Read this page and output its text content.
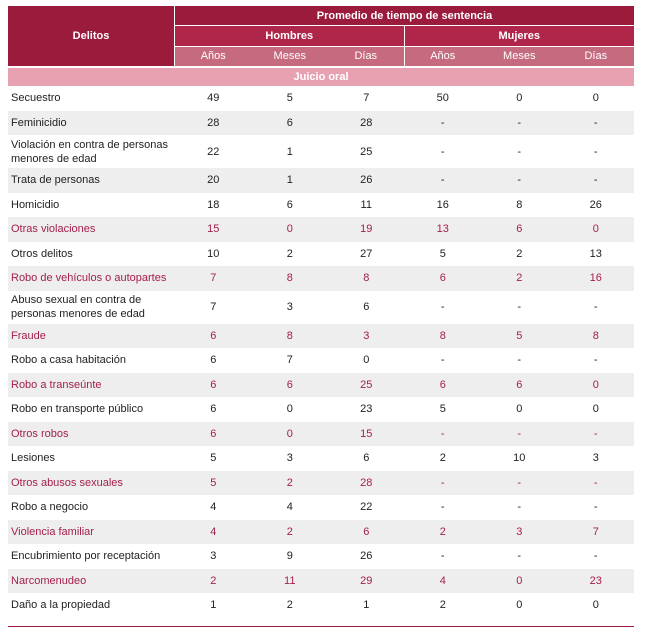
Delitos	Promedio de tiempo de sentencia					
	Hombres			Mujeres		
	Años	Meses	Días	Años	Meses	Días
Juicio oral						
Secuestro	49	5	7	50	0	0
Feminicidio	28	6	28	-	-	-
Violación en contra de personas menores de edad	22	1	25	-	-	-
Trata de personas	20	1	26	-	-	-
Homicidio	18	6	11	16	8	26
Otras violaciones	15	0	19	13	6	0
Otros delitos	10	2	27	5	2	13
Robo de vehículos o autopartes	7	8	8	6	2	16
Abuso sexual en contra de personas menores de edad	7	3	6	-	-	-
Fraude	6	8	3	8	5	8
Robo a casa habitación	6	7	0	-	-	-
Robo a transeúnte	6	6	25	6	6	0
Robo en transporte público	6	0	23	5	0	0
Otros robos	6	0	15	-	-	-
Lesiones	5	3	6	2	10	3
Otros abusos sexuales	5	2	28	-	-	-
Robo a negocio	4	4	22	-	-	-
Violencia familiar	4	2	6	2	3	7
Encubrimiento por receptación	3	9	26	-	-	-
Narcomenudeo	2	11	29	4	0	23
Daño a la propiedad	1	2	1	2	0	0
